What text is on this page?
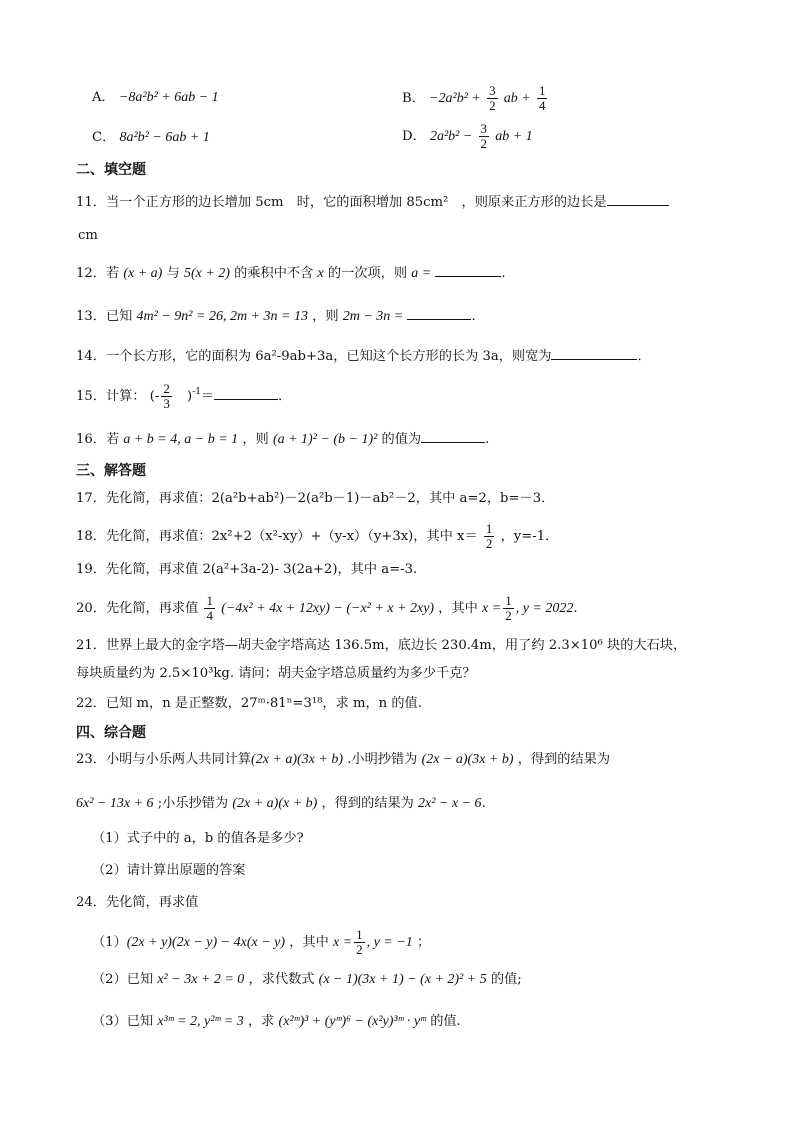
A． −8a²b² + 6ab − 1	B． $-2a^2b^2 + \frac{3}{2}$ ab + $\frac{1}{4}$
C． 8a²b² − 6ab + 1	D． $2a^2b^2 - \frac{3}{2}$ ab + 1
二、填空题
11．当一个正方形的边长增加 5cm　时，它的面积增加 85cm²　，则原来正方形的边长是
cm
12．若 (x + a) 与 5(x + 2) 的乘积中不含 x 的一次项，则 a =	.
13．已知 4m² − 9n² = 26, 2m + 3n = 13 ，则 2m − 3n =	.
14．一个长方形，它的面积为 6a²-9ab+3a，已知这个长方形的长为 3a，则宽为	．
15．计算： (- $\frac{2}{3}$ 　)$^{-1}$＝	．
16．若 a + b = 4, a − b = 1 ，则 (a + 1)² − (b − 1)² 的值为	.
三、解答题
17．先化简，再求值：2(a²b+ab²)－2(a²b－1)－ab²－2，其中 a=2，b=－3．
18．先化简，再求值：2x²+2（x²-xy）+（y-x）（y+3x)，其中 $x= \frac{1}{2}$ ，y=-1．
19．先化简，再求值 2(a²+3a-2)- 3(2a+2)，其中 a=-3.
20．先化简，再求值 $\frac{1}{4} (-4x^2 + 4x + 12xy) - (-x^2 + x + 2xy)$ ，其中 $x = \frac{1}{2}$ , y = 2022.
21．世界上最大的金字塔—胡夫金字塔高达 136.5m，底边长 230.4m，用了约 2.3×10⁶ 块的大石块，
每块质量约为 2.5×10³kg. 请问：胡夫金字塔总质量约为多少千克？
22．已知 m，n 是正整数，27ᵐ·81ⁿ=3¹⁸，求 m，n 的值.
四、综合题
23．小明与小乐两人共同计算(2x + a)(3x + b) .小明抄错为 (2x − a)(3x + b) ，得到的结果为
6x² − 13x + 6 ;小乐抄错为 (2x + a)(x + b) ，得到的结果为 2x² − x − 6.
（1）式子中的 a，b 的值各是多少?
（2）请计算出原题的答案
24．先化简，再求值
（1）(2x + y)(2x − y) − 4x(x − y) ，其中 $x = \frac{1}{2}$ , y = −1 ；
（2）已知 x² − 3x + 2 = 0 ，求代数式 (x − 1)(3x + 1) − (x + 2)² + 5 的值;
（3）已知 x³ᵐ = 2, y²ᵐ = 3 ，求 (x²ᵐ)³ + (yᵐ)⁶ − (x²y)³ᵐ · yᵐ 的值.
